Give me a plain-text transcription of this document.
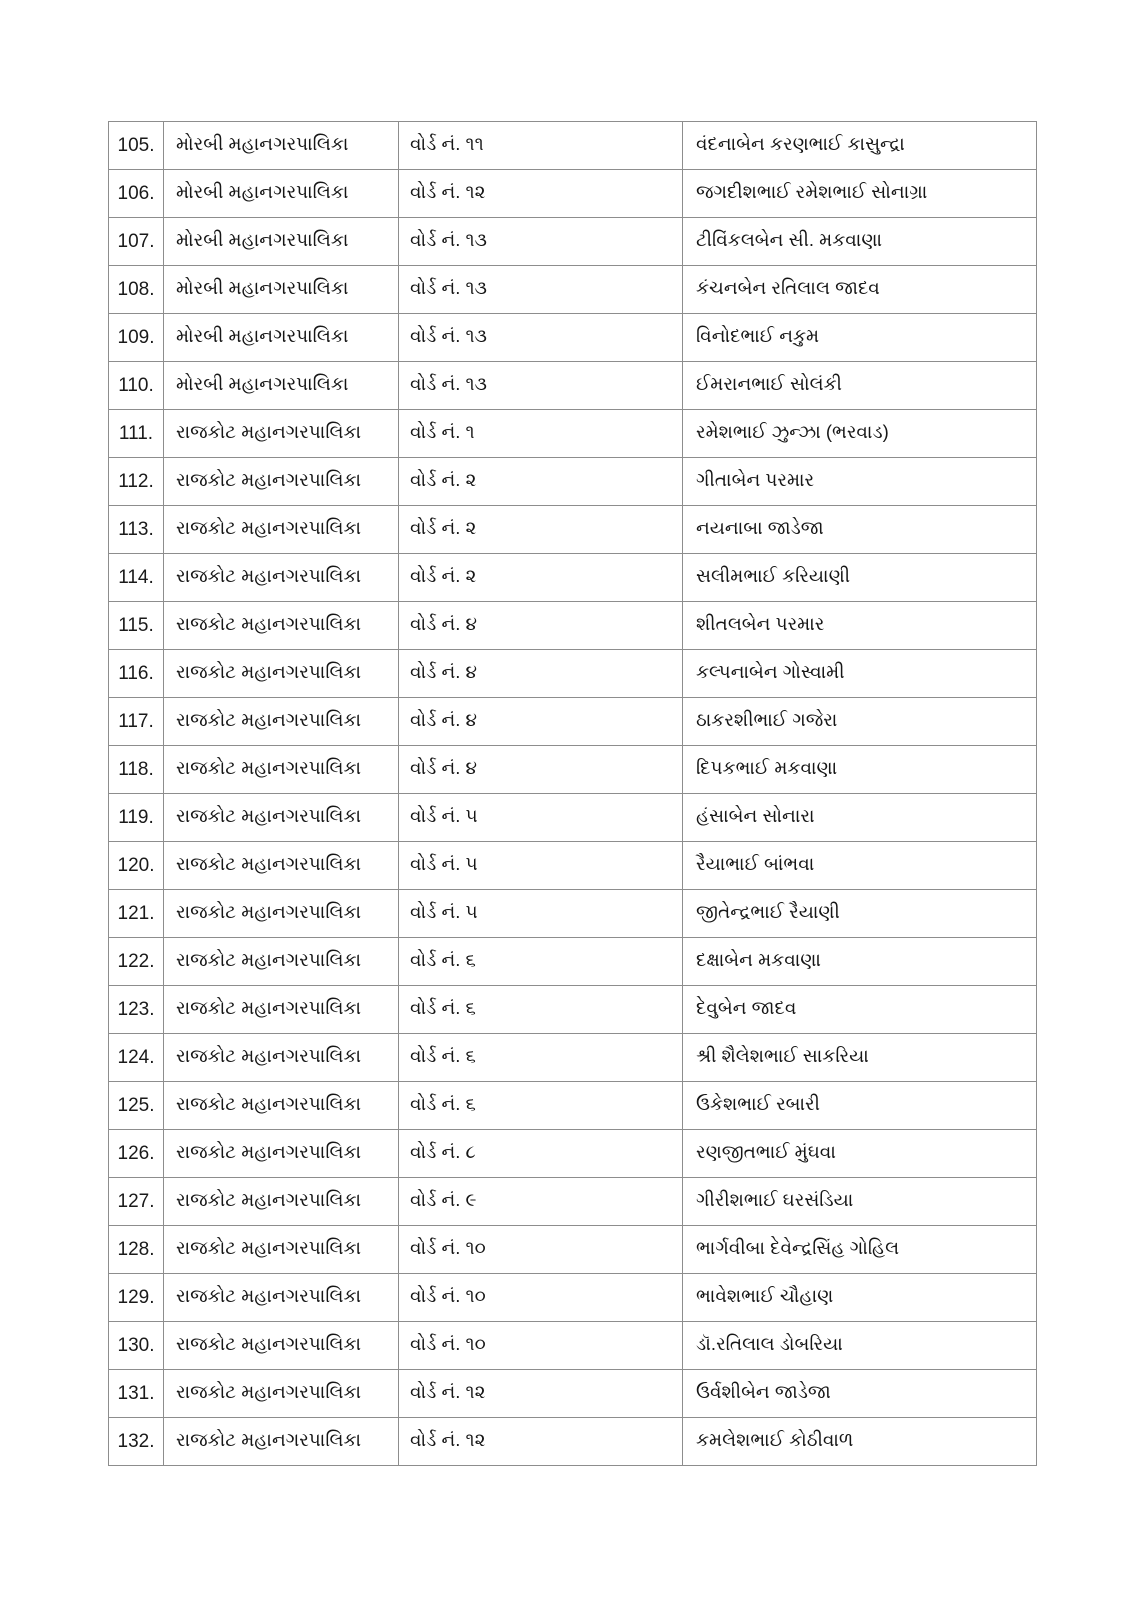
105.	મોરબી મહાનગરપાલિકા	વોર્ડ નં. ૧૧	વંદનાબેન કરણભાઈ કાસુન્દ્રા

106.	મોરબી મહાનગરપાલિકા	વોર્ડ નં. ૧૨	જગદીશભાઈ રમેશભાઈ સોનાગ્રા

107.	મોરબી મહાનગરપાલિકા	વોર્ડ નં. ૧૩	ટીવિંકલબેન સી. મકવાણા

108.	મોરબી મહાનગરપાલિકા	વોર્ડ નં. ૧૩	કંચનબેન રતિલાલ જાદવ

109.	મોરબી મહાનગરપાલિકા	વોર્ડ નં. ૧૩	વિનોદભાઈ નકુમ

110.	મોરબી મહાનગરપાલિકા	વોર્ડ નં. ૧૩	ઈમરાનભાઈ સોલંકી

111.	રાજકોટ મહાનગરપાલિકા	વોર્ડ નં. ૧	રમેશભાઈ ઝુન્ઝા (ભરવાડ)

112.	રાજકોટ મહાનગરપાલિકા	વોર્ડ નં. ૨	ગીતાબેન પરમાર

113.	રાજકોટ મહાનગરપાલિકા	વોર્ડ નં. ૨	નયનાબા જાડેજા

114.	રાજકોટ મહાનગરપાલિકા	વોર્ડ નં. ૨	સલીમભાઈ કરિયાણી

115.	રાજકોટ મહાનગરપાલિકા	વોર્ડ નં. ૪	શીતલબેન પરમાર

116.	રાજકોટ મહાનગરપાલિકા	વોર્ડ નં. ૪	કલ્પનાબેન ગોસ્વામી

117.	રાજકોટ મહાનગરપાલિકા	વોર્ડ નં. ૪	ઠાકરશીભાઈ ગજેરા

118.	રાજકોટ મહાનગરપાલિકા	વોર્ડ નં. ૪	દિપકભાઈ મકવાણા

119.	રાજકોટ મહાનગરપાલિકા	વોર્ડ નં. ૫	હંસાબેન સોનારા

120.	રાજકોટ મહાનગરપાલિકા	વોર્ડ નં. ૫	રૈયાભાઈ બાંભવા

121.	રાજકોટ મહાનગરપાલિકા	વોર્ડ નં. ૫	જીતેન્દ્રભાઈ રૈયાણી

122.	રાજકોટ મહાનગરપાલિકા	વોર્ડ નં. ૬	દક્ષાબેન મકવાણા

123.	રાજકોટ મહાનગરપાલિકા	વોર્ડ નં. ૬	દેવુબેન જાદવ

124.	રાજકોટ મહાનગરપાલિકા	વોર્ડ નં. ૬	શ્રી શૈલેશભાઈ સાકરિયા

125.	રાજકોટ મહાનગરપાલિકા	વોર્ડ નં. ૬	ઉકેશભાઈ રબારી

126.	રાજકોટ મહાનગરપાલિકા	વોર્ડ નં. ૮	રણજીતભાઈ મુંઘવા

127.	રાજકોટ મહાનગરપાલિકા	વોર્ડ નં. ૯	ગીરીશભાઈ ઘરસંડિયા

128.	રાજકોટ મહાનગરપાલિકા	વોર્ડ નં. ૧૦	ભાર્ગવીબા દેવેન્દ્રસિંહ ગોહિલ

129.	રાજકોટ મહાનગરપાલિકા	વોર્ડ નં. ૧૦	ભાવેશભાઈ ચૌહાણ

130.	રાજકોટ મહાનગરપાલિકા	વોર્ડ નં. ૧૦	ડૉ.રતિલાલ ડોબરિયા

131.	રાજકોટ મહાનગરપાલિકા	વોર્ડ નં. ૧૨	ઉર્વશીબેન જાડેજા

132.	રાજકોટ મહાનગરપાલિકા	વોર્ડ નં. ૧૨	કમલેશભાઈ કોઠીવાળ
